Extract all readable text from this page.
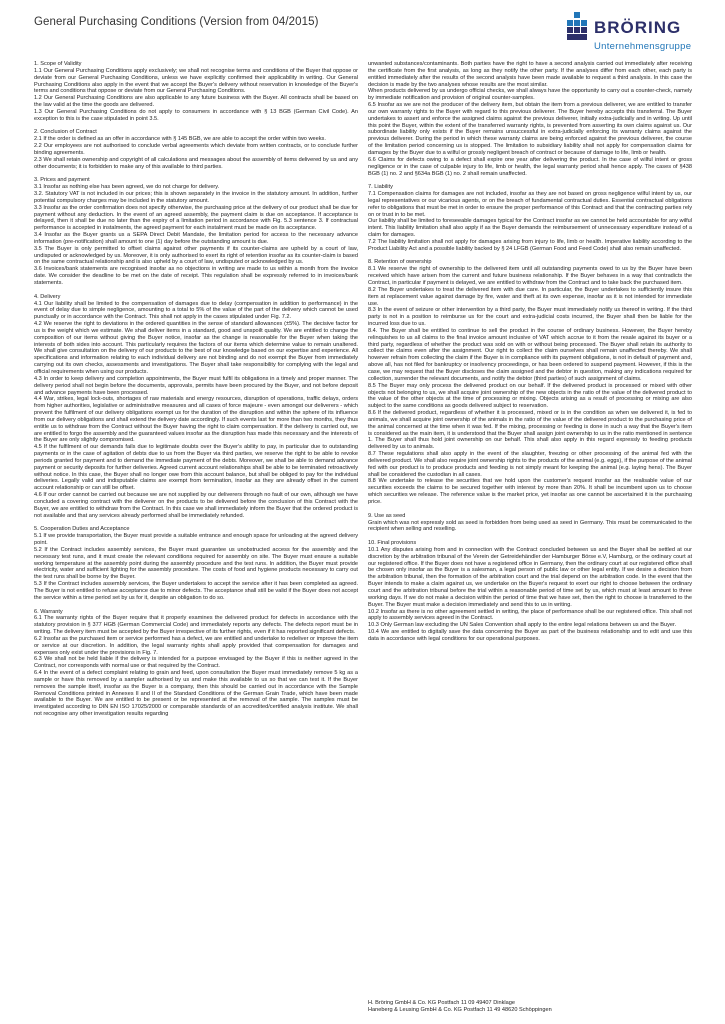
General Purchasing Conditions (Version from 04/2015)	BRÖRING
Unternehmensgruppe
1. Scope of Validity

1.1 Our General Purchasing Conditions apply exclusively; we shall not recognise terms and conditions of the Buyer that oppose or deviate from our General Purchasing Conditions, unless we have explicitly confirmed their applicability in writing. Our General Purchasing Conditions also apply in the event that we accept the Buyer's delivery without reservation in knowledge of the Buyer's terms and conditions that oppose or deviate from our General Purchasing Conditions.

1.2 Our General Purchasing Conditions are also applicable to any future business with the Buyer. All contracts shall be based on the law valid at the time the goods are delivered.

1.3 Our General Purchasing Conditions do not apply to consumers in accordance with § 13 BGB (German Civil Code). An exception to this is the case stipulated in point 3.5.

2. Conclusion of Contract

2.1 If the order is defined as an offer in accordance with § 145 BGB, we are able to accept the order within two weeks.

2.2 Our employees are not authorised to conclude verbal agreements which deviate from written contracts, or to conclude further binding agreements.

2.3 We shall retain ownership and copyright of all calculations and messages about the assembly of items delivered by us and any other documents; it is forbidden to make any of this available to third parties.

3. Prices and payment

3.1 Insofar as nothing else has been agreed, we do not charge for delivery.

3.2. Statutory VAT is not included in our prices; this is shown separately in the invoice in the statutory amount. In addition, further potential compulsory charges may be included in the statutory amount.

3.3 Insofar as the order confirmation does not specify otherwise, the purchasing price at the delivery of our product shall be due for payment without any deduction. In the event of an agreed assembly, the payment claim is due on acceptance. If acceptance is delayed, then it shall be due no later than the expiry of a limitation period in accordance with Fig. 5.3 sentence 3. If contractual performance is accepted in instalments, the agreed payment for each instalment must be made on its acceptance.

3.4 Insofar as the Buyer grants us a SEPA Direct Debit Mandate, the limitation period for access to the necessary advance information (pre-notification) shall amount to one (1) day before the outstanding amount is due.

3.5 The Buyer is only permitted to offset claims against other payments if its counter-claims are upheld by a court of law, undisputed or acknowledged by us. Moreover, it is only authorised to exert its right of retention insofar as its counter-claim is based on the same contractual relationship and is also upheld by a court of law, undisputed or acknowledged by us.

3.6 Invoices/bank statements are recognised insofar as no objections in writing are made to us within a month from the invoice date. We consider the deadline to be met on the date of receipt. This regulation shall be expressly referred to in invoices/bank statements.

4. Delivery

4.1 Our liability shall be limited to the compensation of damages due to delay (compensation in addition to performance) in the event of delay due to simple negligence, amounting to a total to 5% of the value of the part of the delivery which cannot be used punctually or in accordance with the Contract. This shall not apply in the cases stipulated under Fig. 7.2.

4.2 We reserve the right to deviations in the ordered quantities in the sense of standard allowances (±5%). The decisive factor for us is the weight which we estimate. We shall deliver items in a standard, good and unspoilt quality. We are entitled to change the composition of our items without giving the Buyer notice, insofar as the change is reasonable for the Buyer when taking the interests of both sides into account. This particularly requires the factors of our items which determine value to remain unaltered. We shall give consultation on the delivery of our products to the best of our knowledge based on our expertise and experience. All specifications and information relating to each individual delivery are not binding and do not exempt the Buyer from immediately carrying out its own checks, assessments and investigations. The Buyer shall take responsibility for complying with the legal and official requirements when using our products.

4.3 In order to keep delivery and completion appointments, the Buyer must fulfil its obligations in a timely and proper manner. The delivery period shall not begin before the documents, approvals, permits have been procured by the Buyer, and not before deposit and advance payments have been processed.

4.4 War, strikes, legal lock-outs, shortages of raw materials and energy resources, disruption of operations, traffic delays, orders from higher authorities, legislative or administrative measures and all cases of force majeure - even amongst our deliverers - which prevent the fulfilment of our delivery obligations exempt us for the duration of the disruption and within the sphere of its influence from our delivery obligations and shall extend the delivery date accordingly. If such events last for more than two months, they thus entitle us to withdraw from the Contract without the Buyer having the right to claim compensation. If the delivery is carried out, we are entitled to forgo the assembly and the guaranteed values insofar as the disruption has made this necessary and the interests of the Buyer are only slightly compromised.

4.5 If the fulfilment of our demands fails due to legitimate doubts over the Buyer's ability to pay, in particular due to outstanding payments or in the case of agitation of debts due to us from the Buyer via third parties, we reserve the right to be able to revoke periods granted for payment and to demand the immediate payment of the debts. Moreover, we shall be able to demand advance payment or security deposits for further deliveries. Agreed current account relationships shall be able to be terminated retroactively without notice. In this case, the Buyer shall no longer owe from this account balance, but shall be obliged to pay for the individual deliveries. Legally valid and indisputable claims are exempt from termination, insofar as they are already offset in the current account relationship or can still be offset.

4.6 If our order cannot be carried out because we are not supplied by our deliverers through no fault of our own, although we have concluded a covering contract with the deliverer on the products to be delivered before the conclusion of this Contract with the Buyer, we are entitled to withdraw from the Contract. In this case we shall immediately inform the Buyer that the ordered product is not available and that any services already performed shall be immediately refunded.

5. Cooperation Duties and Acceptance

5.1 If we provide transportation, the Buyer must provide a suitable entrance and enough space for unloading at the agreed delivery point.

5.2 If the Contract includes assembly services, the Buyer must guarantee us unobstructed access for the assembly and the necessary test runs, and it must create the relevant conditions required for assembly on site. The Buyer must ensure a suitable working temperature at the assembly point during the assembly procedure and the test runs. In addition, the Buyer must provide electricity, water and sufficient lighting for the assembly procedure. The costs of food and hygiene products necessary to carry out the test runs shall be borne by the Buyer.

5.3 If the Contract includes assembly services, the Buyer undertakes to accept the service after it has been completed as agreed. The Buyer is not entitled to refuse acceptance due to minor defects. The acceptance shall still be valid if the Buyer does not accept the service within a time period set by us for it, despite an obligation to do so.

6. Warranty

6.1 The warranty rights of the Buyer require that it properly examines the delivered product for defects in accordance with the statutory provision in § 377 HGB (German Commercial Code) and immediately reports any defects. The defects report must be in writing. The delivery item must be accepted by the Buyer irrespective of its further rights, even if it has reported significant defects.

6.2 Insofar as the purchased item or service performed has a defect, we are entitled and undertake to redeliver or improve the item or service at our discretion. In addition, the legal warranty rights shall apply provided that compensation for damages and expenses only exist under the provisions in Fig. 7.

6.3 We shall not be held liable if the delivery is intended for a purpose envisaged by the Buyer if this is neither agreed in the Contract, nor corresponds with normal use or that required by the Contract.

6.4 In the event of a defect complaint relating to grain and feed, upon consultation the Buyer must immediately remove 5 kg as a sample or have this removed by a sampler authorised by us and make this available to us so that we can test it. If the Buyer removes the sample itself, insofar as the Buyer is a company, then this should be carried out in accordance with the Sample Removal Conditions printed in Annexes II and II of the Standard Conditions of the German Grain Trade, which have been made available to the Buyer. We are entitled to be present or be represented at the removal of the sample. The samples must be investigated according to DIN EN ISO 17025/2000 or comparable standards of an accredited/certified analysis institute. We shall not recognise any other investigation results regarding

unwanted substances/contaminants. Both parties have the right to have a second analysis carried out immediately after receiving the certificate from the first analysis, as long as they notify the other party. If the analyses differ from each other, each party is entitled immediately after the results of the second analysis have been made available to request a third analysis. In this case the decision is made by the two analyses whose results are the most similar.

When products delivered by us undergo official checks, we shall always have the opportunity to carry out a counter-check, namely by immediate notification and provision of original counter-samples.

6.5 Insofar as we are not the producer of the delivery item, but obtain the item from a previous deliverer, we are entitled to transfer our own warranty rights to the Buyer with regard to this previous deliverer. The Buyer hereby accepts this transferral. The Buyer undertakes to assert and enforce the assigned claims against the previous deliverer, initially extra-judicially and in writing. Up until this point the Buyer, within the extent of the transferred warranty rights, is prevented from asserting its own claims against us. Our subordinate liability only exists if the Buyer remains unsuccessful in extra-judicially enforcing its warranty claims against the previous deliverer. During the period in which these warranty claims are being enforced against the previous deliverer, the course of the limitation period concerning us is stopped. The limitation to subsidiary liability shall not apply for compensation claims for damages by the Buyer due to a wilful or grossly negligent breach of contract or because of damage to life, limb or health.

6.6 Claims for defects owing to a defect shall expire one year after delivering the product. In the case of wilful intent or gross negligence or in the case of culpable injury to life, limb or health, the legal warranty period shall hence apply. The cases of §438 BGB (1) no. 2 and §634a BGB (1) no. 2 shall remain unaffected.

7. Liability

7.1 Compensation claims for damages are not included, insofar as they are not based on gross negligence wilful intent by us, our legal representatives or our vicarious agents, or on the breach of fundamental contractual duties. Essential contractual obligations refer to obligations that must be met in order to ensure the proper performance of this Contract and that the contracting parties rely on or trust in to be met.

Our liability shall be limited to foreseeable damages typical for the Contract insofar as we cannot be held accountable for any wilful intent. This liability limitation shall also apply if as the Buyer demands the reimbursement of unnecessary expenditure instead of a claim for damages.

7.2 The liability limitation shall not apply for damages arising from injury to life, limb or health. Imperative liability according to the Product Liability Act and a possible liability backed by § 24 LFGB (German Food and Feed Code) shall also remain unaffected.

8. Retention of ownership

8.1 We reserve the right of ownership to the delivered item until all outstanding payments owed to us by the Buyer have been received which have arisen from the current and future business relationship. If the Buyer behaves in a way that contradicts the Contract, in particular if payment is delayed, we are entitled to withdraw from the Contract and to take back the purchased item.

8.2 The Buyer undertakes to treat the delivered item with due care. In particular, the Buyer undertakes to sufficiently insure this item at replacement value against damage by fire, water and theft at its own expense, insofar as it is not intended for immediate use.

8.3 In the event of seizure or other intervention by a third party, the Buyer must immediately notify us thereof in writing. If the third party is not in a position to reimburse us for the court and extra-judicial costs incurred, the Buyer shall then be liable for the incurred loss due to us.

8.4. The Buyer shall be entitled to continue to sell the product in the course of ordinary business. However, the Buyer hereby relinquishes to us all claims to the final invoice amount inclusive of VAT which accrue to it from the resale against its buyer or a third party, regardless of whether the product was sold on with or without being processed. The Buyer shall retain its authority to collect the claims even after the assignment. Our right to collect the claim ourselves shall remain unaffected thereby. We shall however refrain from collecting the claim if the Buyer is in compliance with its payment obligations, is not in default of payment and, above all, has not filed for bankruptcy or insolvency proceedings, or has been ordered to suspend payment. However, if this is the case, we may request that the Buyer discloses the claim assigned and the debtor in question, making any indications required for collection, surrender the relevant documents, and notify the debtor (third parties) of such assignment of claims.

8.5 The Buyer may only process the delivered product on our behalf. If the delivered product is processed or mixed with other objects not belonging to us, we shall acquire joint ownership of the new objects in the ratio of the value of the delivered product to the value of the other objects at the time of processing or mixing. Objects arising as a result of processing or mixing are also subject to the same conditions as goods delivered subject to reservation.

8.6 If the delivered product, regardless of whether it is processed, mixed or is in the condition as when we delivered it, is fed to animals, we shall acquire joint ownership of the animals in the ratio of the value of the delivered product to the purchasing price of the animal concerned at the time when it was fed. If the mixing, processing or feeding is done in such a way that the Buyer's item is considered as the main item, it is understood that the Buyer shall assign joint ownership to us in the ratio mentioned in sentence 1. The Buyer shall thus hold joint ownership on our behalf. This shall also apply in this regard expressly to feeding products delivered by us to animals.

8.7 These regulations shall also apply in the event of the slaughter, freezing or other processing of the animal fed with the delivered product. We shall also require joint ownership rights to the products of the animal (e.g. eggs), if the purpose of the animal fed with our product is to produce products and feeding is not simply meant for keeping the animal (e.g. laying hens). The Buyer shall be considered the custodian in all cases.

8.8 We undertake to release the securities that we hold upon the customer's request insofar as the realisable value of our securities exceeds the claims to be secured together with interest by more than 20%. It shall be incumbent upon us to choose which securities we release. The reference value is the market price, yet insofar as one cannot be ascertained it is the purchasing price.

9. Use as seed

Grain which was not expressly sold as seed is forbidden from being used as seed in Germany. This must be communicated to the recipient when selling and reselling.

10. Final provisions

10.1 Any disputes arising from and in connection with the Contract concluded between us and the Buyer shall be settled at our discretion by the arbitration tribunal of the Verein der Getreidehändler der Hamburger Börse e.V, Hamburg, or the ordinary court at our registered office. If the Buyer does not have a registered office in Germany, then the ordinary court at our registered office shall be chosen only insofar as the Buyer is a salesman, a legal person of public law or other legal entity. If we desire a decision from the arbitration tribunal, then the formation of the arbitration court and the trial depend on the arbitration code. In the event that the Buyer intends to make a claim against us, we undertake on the Buyer's request to exert our right to choose between the ordinary court and the arbitration tribunal before the trial within a reasonable period of time set by us, which must at least amount to three working days. If we do not make a decision within the period of time that we have set, then the right to choose is transferred to the Buyer. The Buyer must make a decision immediately and send this to us in writing.

10.2 Insofar as there is no other agreement settled in writing, the place of performance shall be our registered office. This shall not apply to assembly services agreed in the Contract.

10.3 Only German law excluding the UN Sales Convention shall apply to the entire legal relations between us and the Buyer.

10.4 We are entitled to digitally save the data concerning the Buyer as part of the business relationship and to edit and use this data in accordance with legal conditions for our operational purposes.

H. Bröring GmbH & Co. KG Postfach 11 09 49407 Dinklage
Haneberg & Leusing GmbH & Co. KG Postfach 11 49 48620 Schöppingen
